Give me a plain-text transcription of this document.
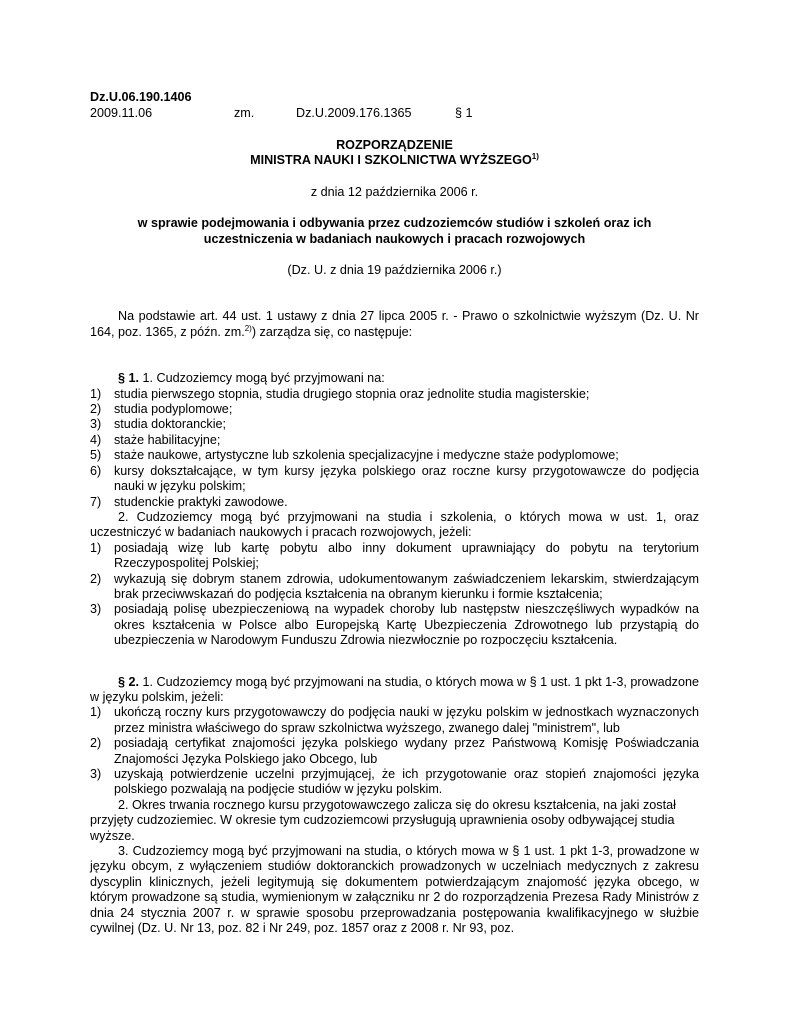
Dz.U.06.190.1406
2009.11.06	zm.	Dz.U.2009.176.1365	§ 1
ROZPORZĄDZENIE
MINISTRA NAUKI I SZKOLNICTWA WYŻSZEGO$^{1)}$
z dnia 12 października 2006 r.
w sprawie podejmowania i odbywania przez cudzoziemców studiów i szkoleń oraz ich
uczestniczenia w badaniach naukowych i pracach rozwojowych
(Dz. U. z dnia 19 października 2006 r.)

Na podstawie art. 44 ust. 1 ustawy z dnia 27 lipca 2005 r. - Prawo o szkolnictwie wyższym (Dz. U. Nr 164, poz. 1365, z późn. zm.$^{2)}$) zarządza się, co następuje:

§ 1. 1. Cudzoziemcy mogą być przyjmowani na:

1)	studia pierwszego stopnia, studia drugiego stopnia oraz jednolite studia magisterskie;
2)	studia podyplomowe;
3)	studia doktoranckie;
4)	staże habilitacyjne;
5)	staże naukowe, artystyczne lub szkolenia specjalizacyjne i medyczne staże podyplomowe;
6)	kursy dokształcające, w tym kursy języka polskiego oraz roczne kursy przygotowawcze do podjęcia nauki w języku polskim;
7)	studenckie praktyki zawodowe.

2. Cudzoziemcy mogą być przyjmowani na studia i szkolenia, o których mowa w ust. 1, oraz uczestniczyć w badaniach naukowych i pracach rozwojowych, jeżeli:

1)	posiadają wizę lub kartę pobytu albo inny dokument uprawniający do pobytu na terytorium Rzeczypospolitej Polskiej;
2)	wykazują się dobrym stanem zdrowia, udokumentowanym zaświadczeniem lekarskim, stwierdzającym brak przeciwwskazań do podjęcia kształcenia na obranym kierunku i formie kształcenia;
3)	posiadają polisę ubezpieczeniową na wypadek choroby lub następstw nieszczęśliwych wypadków na okres kształcenia w Polsce albo Europejską Kartę Ubezpieczenia Zdrowotnego lub przystąpią do ubezpieczenia w Narodowym Funduszu Zdrowia niezwłocznie po rozpoczęciu kształcenia.

§ 2. 1. Cudzoziemcy mogą być przyjmowani na studia, o których mowa w § 1 ust. 1 pkt 1-3, prowadzone w języku polskim, jeżeli:

1)	ukończą roczny kurs przygotowawczy do podjęcia nauki w języku polskim w jednostkach wyznaczonych przez ministra właściwego do spraw szkolnictwa wyższego, zwanego dalej "ministrem", lub
2)	posiadają certyfikat znajomości języka polskiego wydany przez Państwową Komisję Poświadczania Znajomości Języka Polskiego jako Obcego, lub
3)	uzyskają potwierdzenie uczelni przyjmującej, że ich przygotowanie oraz stopień znajomości języka polskiego pozwalają na podjęcie studiów w języku polskim.

2. Okres trwania rocznego kursu przygotowawczego zalicza się do okresu kształcenia, na jaki został przyjęty cudzoziemiec. W okresie tym cudzoziemcowi przysługują uprawnienia osoby odbywającej studia wyższe.

3. Cudzoziemcy mogą być przyjmowani na studia, o których mowa w § 1 ust. 1 pkt 1-3, prowadzone w języku obcym, z wyłączeniem studiów doktoranckich prowadzonych w uczelniach medycznych z zakresu dyscyplin klinicznych, jeżeli legitymują się dokumentem potwierdzającym znajomość języka obcego, w którym prowadzone są studia, wymienionym w załączniku nr 2 do rozporządzenia Prezesa Rady Ministrów z dnia 24 stycznia 2007 r. w sprawie sposobu przeprowadzania postępowania kwalifikacyjnego w służbie cywilnej (Dz. U. Nr 13, poz. 82 i Nr 249, poz. 1857 oraz z 2008 r. Nr 93, poz.
